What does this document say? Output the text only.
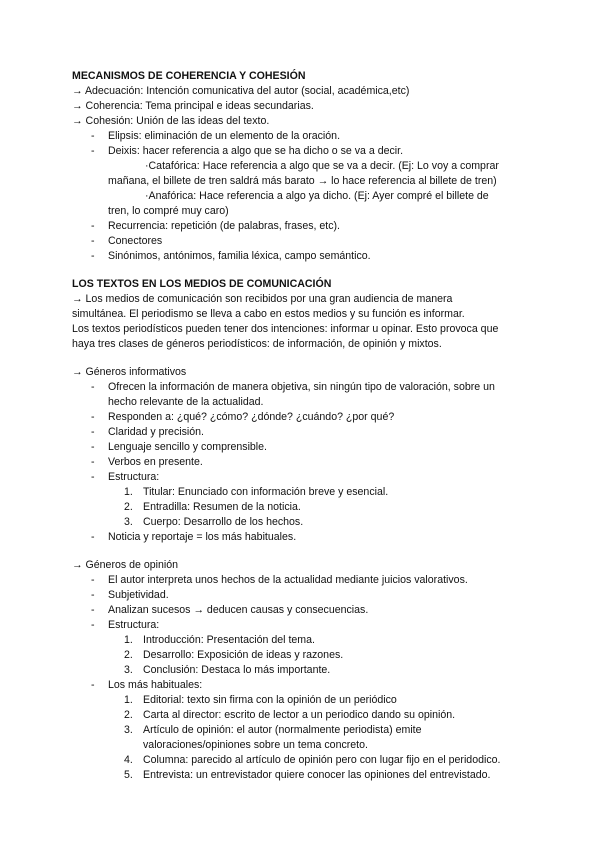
MECANISMOS DE COHERENCIA Y COHESIÓN
→ Adecuación: Intención comunicativa del autor (social, académica,etc)
→ Coherencia: Tema principal e ideas secundarias.
→ Cohesión: Unión de las ideas del texto.
- Elipsis: eliminación de un elemento de la oración.
- Deixis: hacer referencia a algo que se ha dicho o se va a decir.
·Catafórica: Hace referencia a algo que se va a decir. (Ej: Lo voy a comprar
mañana, el billete de tren saldrá más barato → lo hace referencia al billete de tren)
·Anafórica: Hace referencia a algo ya dicho. (Ej: Ayer compré el billete de
tren, lo compré muy caro)
- Recurrencia: repetición (de palabras, frases, etc).
- Conectores
- Sinónimos, antónimos, familia léxica, campo semántico.
LOS TEXTOS EN LOS MEDIOS DE COMUNICACIÓN
→ Los medios de comunicación son recibidos por una gran audiencia de manera
simultánea. El periodismo se lleva a cabo en estos medios y su función es informar.
Los textos periodísticos pueden tener dos intenciones: informar u opinar. Esto provoca que
haya tres clases de géneros periodísticos: de información, de opinión y mixtos.
→ Géneros informativos
- Ofrecen la información de manera objetiva, sin ningún tipo de valoración, sobre un
hecho relevante de la actualidad.
- Responden a: ¿qué? ¿cómo? ¿dónde? ¿cuándo? ¿por qué?
- Claridad y precisión.
- Lenguaje sencillo y comprensible.
- Verbos en presente.
- Estructura:
1. Titular: Enunciado con información breve y esencial.
2. Entradilla: Resumen de la noticia.
3. Cuerpo: Desarrollo de los hechos.
- Noticia y reportaje = los más habituales.
→ Géneros de opinión
- El autor interpreta unos hechos de la actualidad mediante juicios valorativos.
- Subjetividad.
- Analizan sucesos → deducen causas y consecuencias.
- Estructura:
1. Introducción: Presentación del tema.
2. Desarrollo: Exposición de ideas y razones.
3. Conclusión: Destaca lo más importante.
- Los más habituales:
1. Editorial: texto sin firma con la opinión de un periódico
2. Carta al director: escrito de lector a un periodico dando su opinión.
3. Artículo de opinión: el autor (normalmente periodista) emite
valoraciones/opiniones sobre un tema concreto.
4. Columna: parecido al artículo de opinión pero con lugar fijo en el peridodico.
5. Entrevista: un entrevistador quiere conocer las opiniones del entrevistado.
